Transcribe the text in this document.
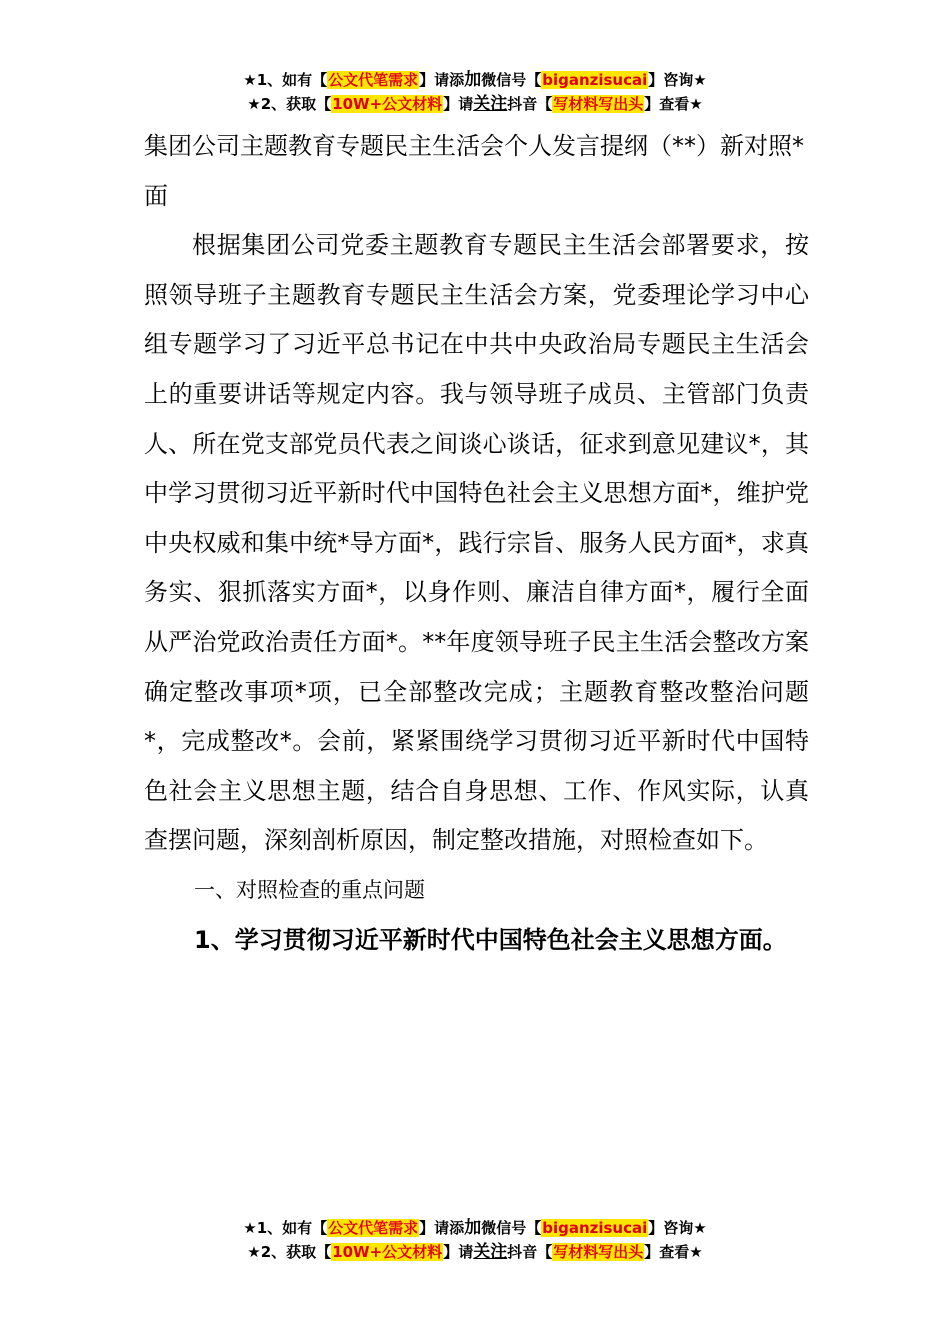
★1、如有【公文代笔需求】请添加微信号【biganzisucai】咨询★
★2、获取【10W+公文材料】请关注抖音【写材料写出头】查看★

集团公司主题教育专题民主生活会个人发言提纲（**）新对照*面

根据集团公司党委主题教育专题民主生活会部署要求，按照领导班子主题教育专题民主生活会方案，党委理论学习中心组专题学习了习近平总书记在中共中央政治局专题民主生活会上的重要讲话等规定内容。我与领导班子成员、主管部门负责人、所在党支部党员代表之间谈心谈话，征求到意见建议*，其中学习贯彻习近平新时代中国特色社会主义思想方面*，维护党中央权威和集中统*导方面*，践行宗旨、服务人民方面*，求真务实、狠抓落实方面*，以身作则、廉洁自律方面*，履行全面从严治党政治责任方面*。**年度领导班子民主生活会整改方案确定整改事项*项，已全部整改完成；主题教育整改整治问题*，完成整改*。会前，紧紧围绕学习贯彻习近平新时代中国特色社会主义思想主题，结合自身思想、工作、作风实际，认真查摆问题，深刻剖析原因，制定整改措施，对照检查如下。

一、对照检查的重点问题

1、学习贯彻习近平新时代中国特色社会主义思想方面。

★1、如有【公文代笔需求】请添加微信号【biganzisucai】咨询★
★2、获取【10W+公文材料】请关注抖音【写材料写出头】查看★
